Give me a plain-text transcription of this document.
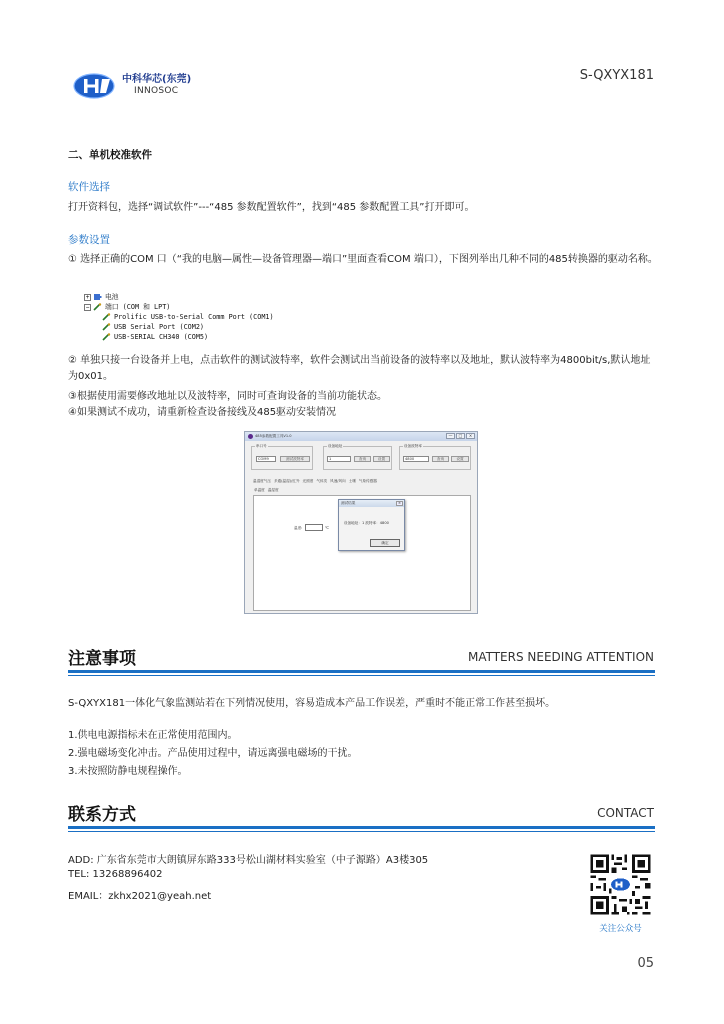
中科华芯(东莞)
INNOSOC
S-QXYX181
二、单机校准软件
软件选择
打开资料包，选择“调试软件”---“485 参数配置软件”，找到“485 参数配置工具”打开即可。
参数设置
① 选择正确的COM 口（“我的电脑—属性—设备管理器—端口”里面查看COM 端口），下图列举出几种不同的485转换器的驱动名称。
+ 电池
− 端口 (COM 和 LPT)
Prolific USB-to-Serial Comm Port (COM1)
USB Serial Port (COM2)
USB-SERIAL CH340 (COM5)
② 单独只接一台设备并上电，点击软件的测试波特率，软件会测试出当前设备的波特率以及地址，默认波特率为4800bit/s,默认地址为0x01。
③根据使用需要修改地址以及波特率，同时可查询设备的当前功能状态。
④如果测试不成功，请重新检查设备接线及485驱动安装情况
485参数配置工具V1.0	—	□	×
串口号
COM9	测试波特率
设备地址
1	查询	设置
设备波特率
4800	查询	设置
温湿度气压 多通(温湿)/红外 光照度 气体类 风速/风向 土壤 气象传感器
单温度 温湿度
温度:	℃
测试结果	×
设备地址：1 波特率：4800
确定
注意事项	MATTERS NEEDING ATTENTION
S-QXYX181一体化气象监测站若在下列情况使用，容易造成本产品工作误差，严重时不能正常工作甚至损坏。
1.供电电源指标未在正常使用范围内。
2.强电磁场变化冲击。产品使用过程中，请远离强电磁场的干扰。
3.未按照防静电规程操作。
联系方式	CONTACT
ADD: 广东省东莞市大朗镇屏东路333号松山湖材料实验室（中子源路）A3楼305
TEL: 13268896402
EMAIL：zkhx2021@yeah.net
关注公众号
05
